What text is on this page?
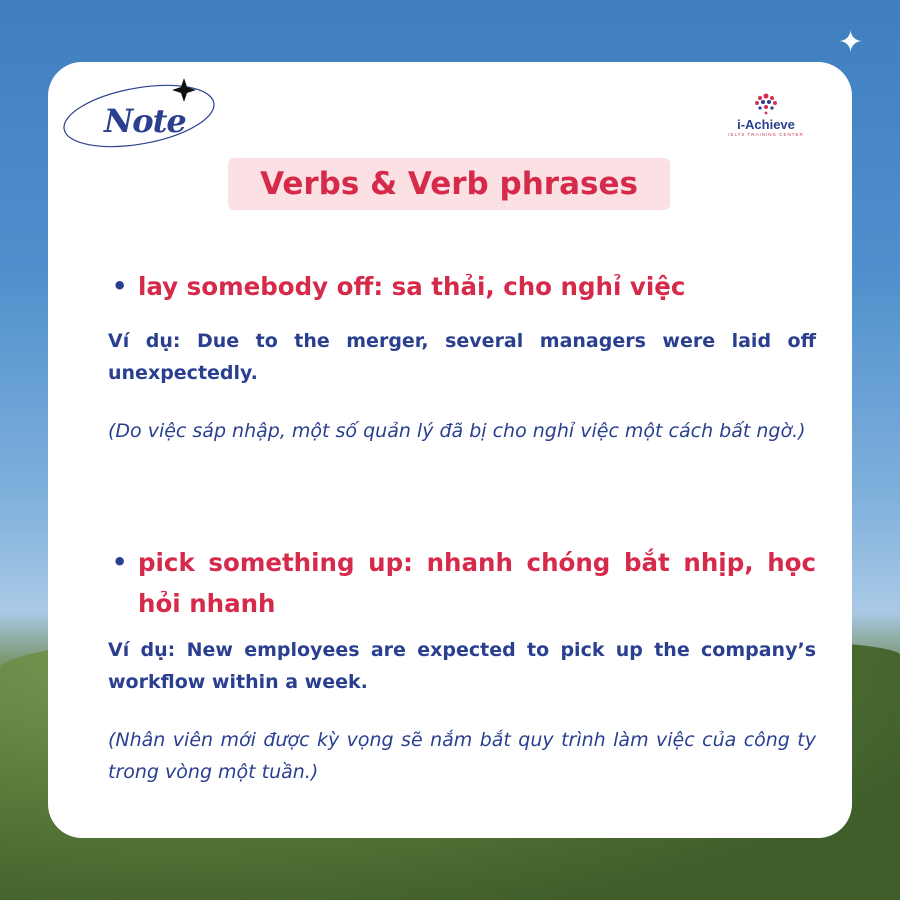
✦
Note	i-Achieve
IELTS TRAINING CENTER
Verbs & Verb phrases
• lay somebody off: sa thải, cho nghỉ việc
Ví dụ: Due to the merger, several managers were laid off unexpectedly.
(Do việc sáp nhập, một số quản lý đã bị cho nghỉ việc một cách bất ngờ.)
• pick something up: nhanh chóng bắt nhịp, học hỏi nhanh
Ví dụ: New employees are expected to pick up the company’s workflow within a week.
(Nhân viên mới được kỳ vọng sẽ nắm bắt quy trình làm việc của công ty trong vòng một tuần.)
